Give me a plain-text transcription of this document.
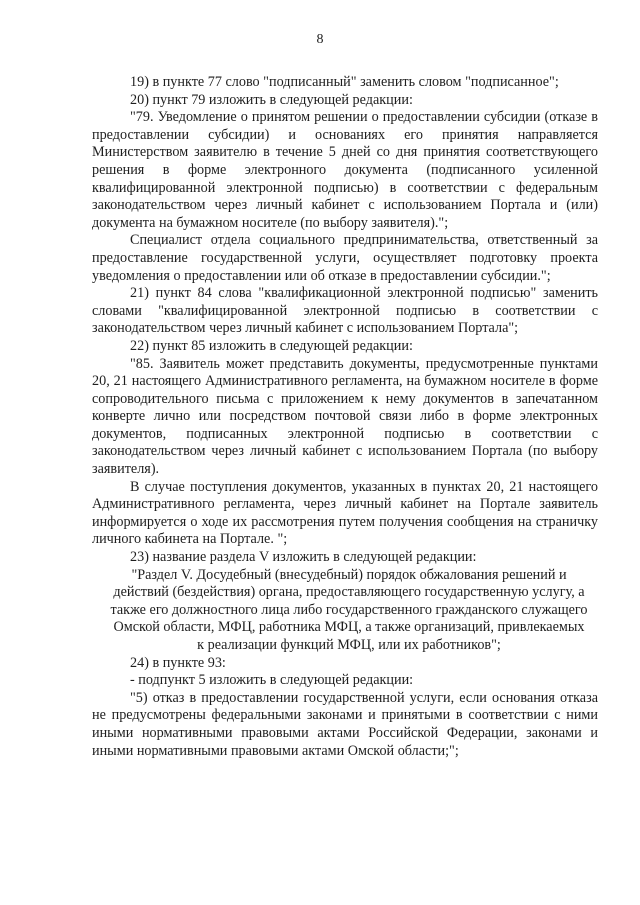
8

19) в пункте 77 слово "подписанный" заменить словом "подписанное";

20) пункт 79 изложить в следующей редакции:

"79. Уведомление о принятом решении о предоставлении субсидии (отказе в предоставлении субсидии) и основаниях его принятия направляется Министерством заявителю в течение 5 дней со дня принятия соответствующего решения в форме электронного документа (подписанного усиленной квалифицированной электронной подписью) в соответствии с федеральным законодательством через личный кабинет с использованием Портала и (или) документа на бумажном носителе (по выбору заявителя).";

Специалист отдела социального предпринимательства, ответственный за предоставление государственной услуги, осуществляет подготовку проекта уведомления о предоставлении или об отказе в предоставлении субсидии.";

21) пункт 84 слова "квалификационной электронной подписью" заменить словами "квалифицированной электронной подписью в соответствии с законодательством через личный кабинет с использованием Портала";

22) пункт 85 изложить в следующей редакции:

"85. Заявитель может представить документы, предусмотренные пунктами 20, 21 настоящего Административного регламента, на бумажном носителе в форме сопроводительного письма с приложением к нему документов в запечатанном конверте лично или посредством почтовой связи либо в форме электронных документов, подписанных электронной подписью в соответствии с законодательством через личный кабинет с использованием Портала (по выбору заявителя).

В случае поступления документов, указанных в пунктах 20, 21 настоящего Административного регламента, через личный кабинет на Портале заявитель информируется о ходе их рассмотрения путем получения сообщения на страничку личного кабинета на Портале. ";

23) название раздела V изложить в следующей редакции:

"Раздел V. Досудебный (внесудебный) порядок обжалования решений и действий (бездействия) органа, предоставляющего государственную услугу, а также его должностного лица либо государственного гражданского служащего Омской области, МФЦ, работника МФЦ, а также организаций, привлекаемых к реализации функций МФЦ, или их работников";

24) в пункте 93:

- подпункт 5 изложить в следующей редакции:

"5) отказ в предоставлении государственной услуги, если основания отказа не предусмотрены федеральными законами и принятыми в соответствии с ними иными нормативными правовыми актами Российской Федерации, законами и иными нормативными правовыми актами Омской области;";
